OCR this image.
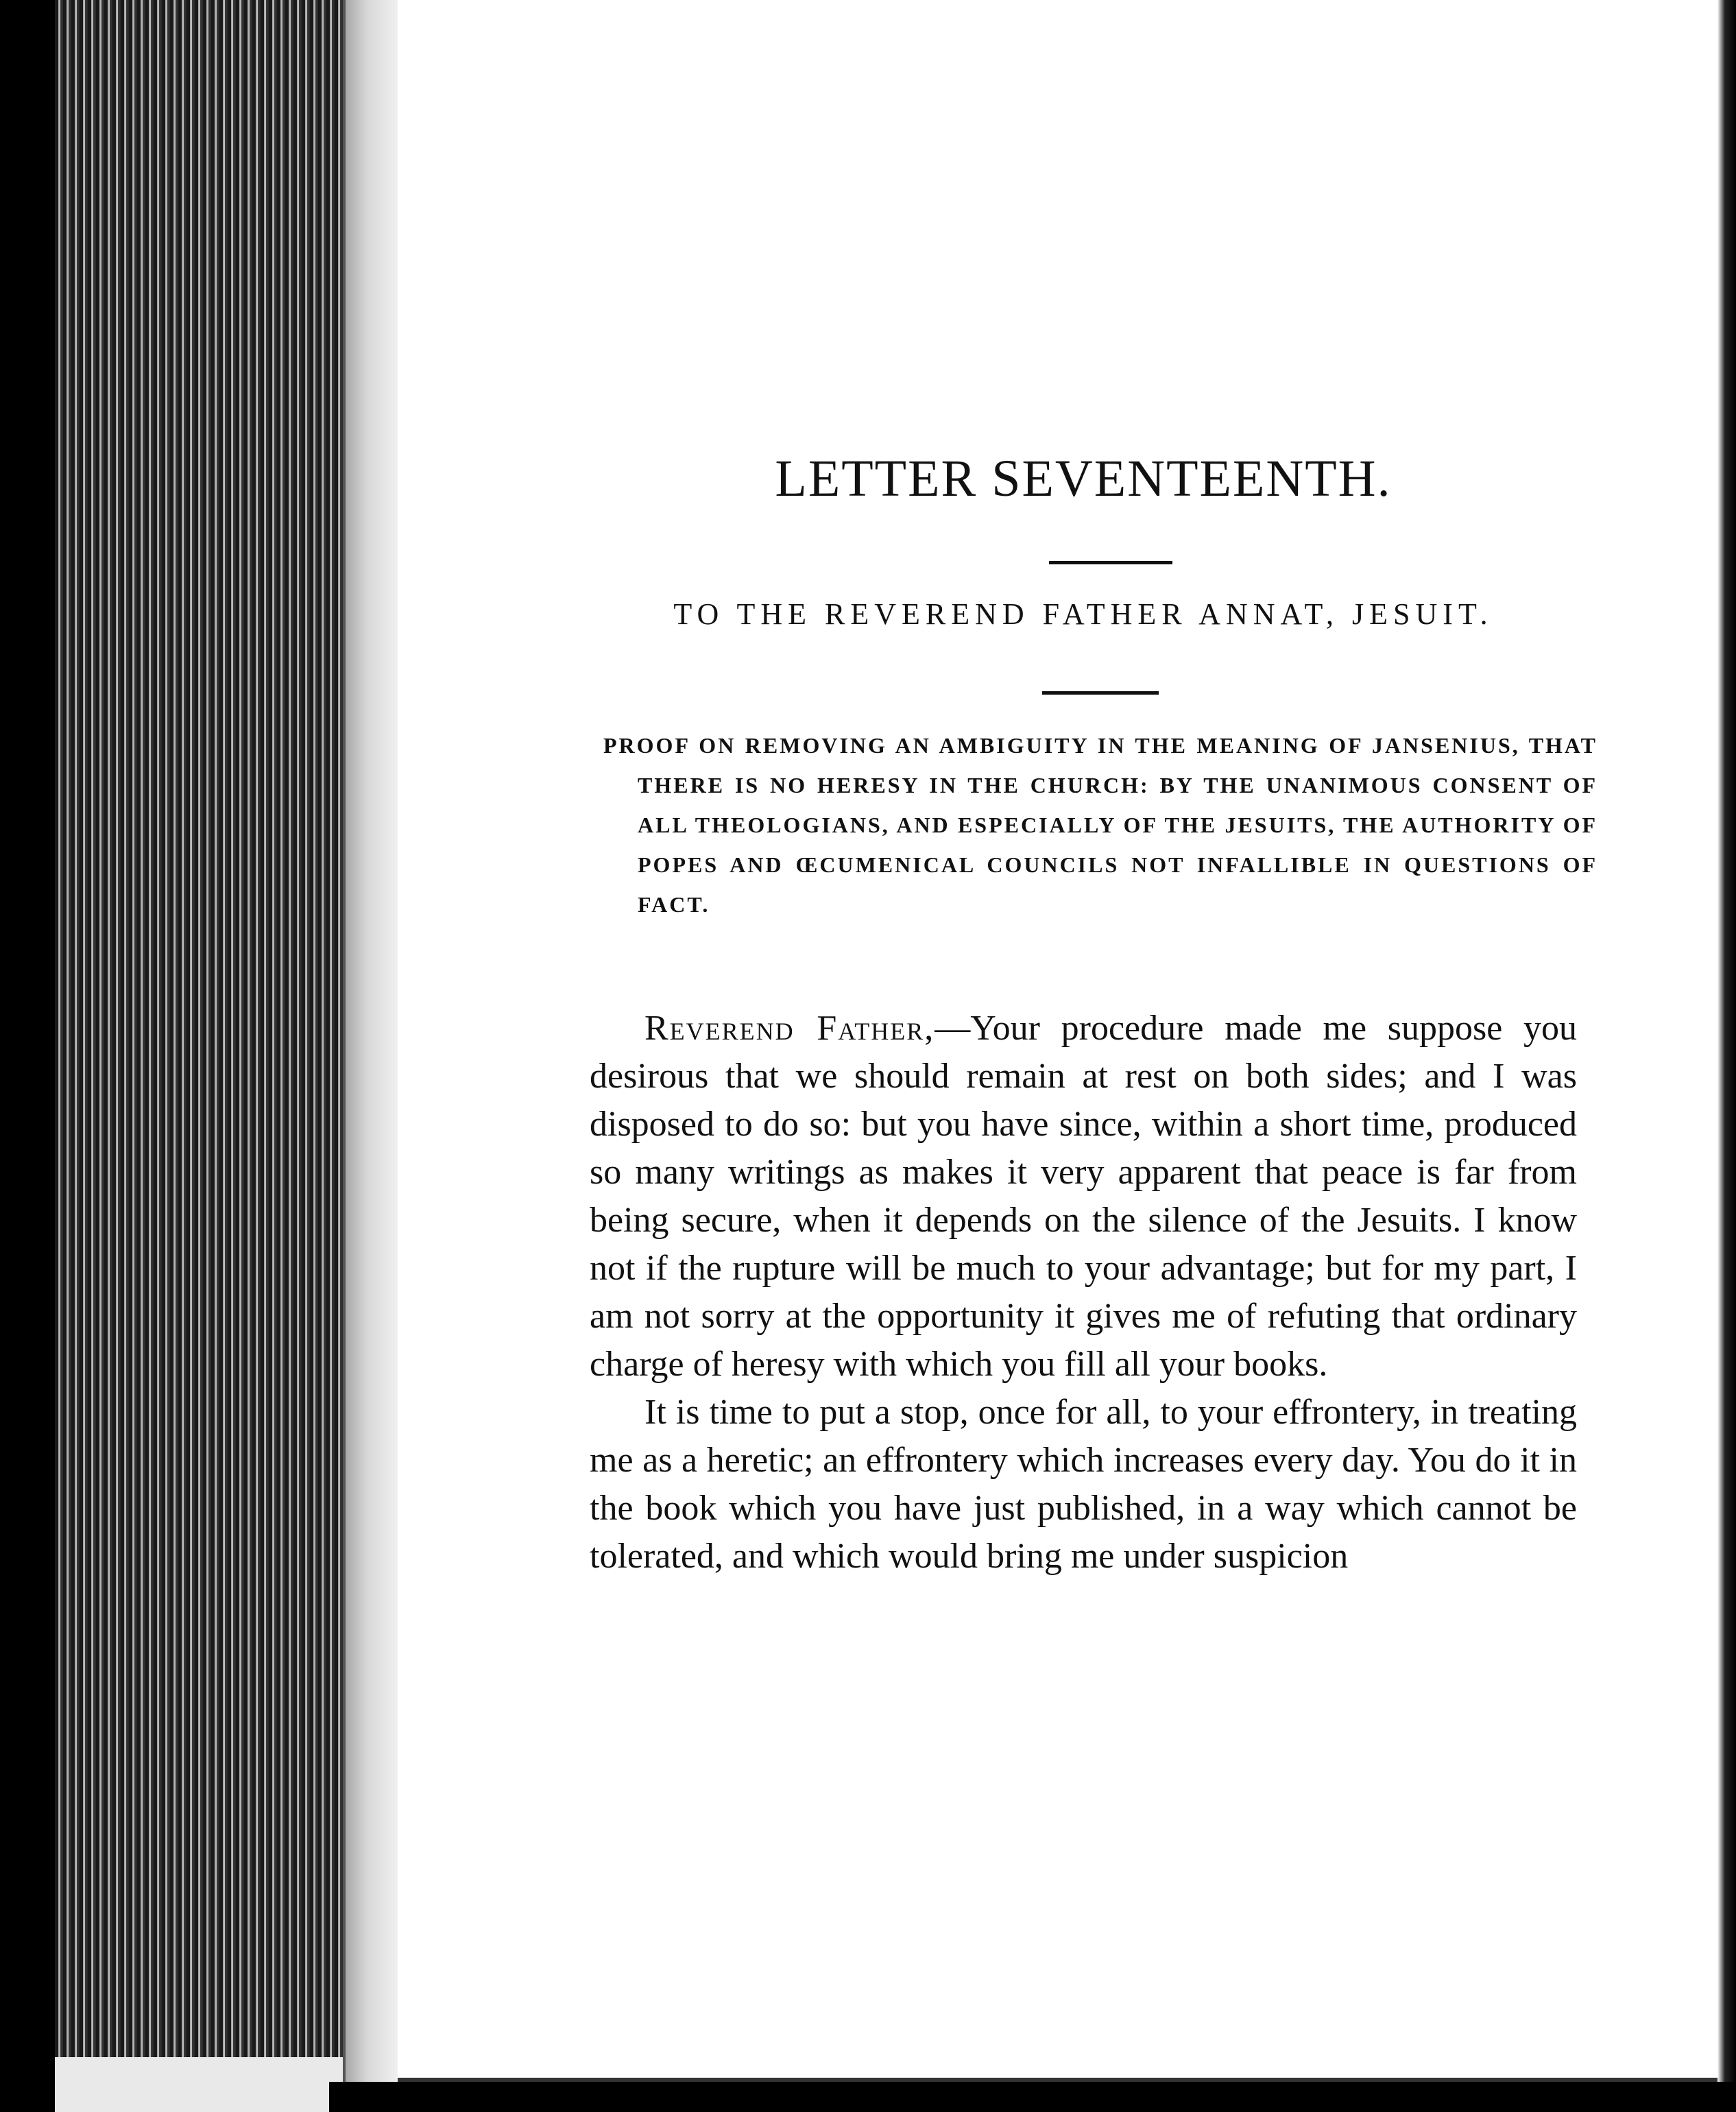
LETTER SEVENTEENTH.
TO THE REVEREND FATHER ANNAT, JESUIT.

PROOF ON REMOVING AN AMBIGUITY IN THE MEANING OF JANSENIUS, THAT THERE IS NO HERESY IN THE CHURCH: BY THE UNANIMOUS CONSENT OF ALL THEOLOGIANS, AND ESPECIALLY OF THE JESUITS, THE AUTHORITY OF POPES AND ŒCUMENICAL COUNCILS NOT INFALLIBLE IN QUESTIONS OF FACT.

Reverend Father,—Your procedure made me suppose you desirous that we should remain at rest on both sides; and I was disposed to do so: but you have since, within a short time, produced so many writings as makes it very apparent that peace is far from being secure, when it depends on the silence of the Jesuits. I know not if the rupture will be much to your advantage; but for my part, I am not sorry at the opportunity it gives me of refuting that ordinary charge of heresy with which you fill all your books.

It is time to put a stop, once for all, to your effrontery, in treating me as a heretic; an effrontery which increases every day. You do it in the book which you have just published, in a way which cannot be tolerated, and which would bring me under suspicion
